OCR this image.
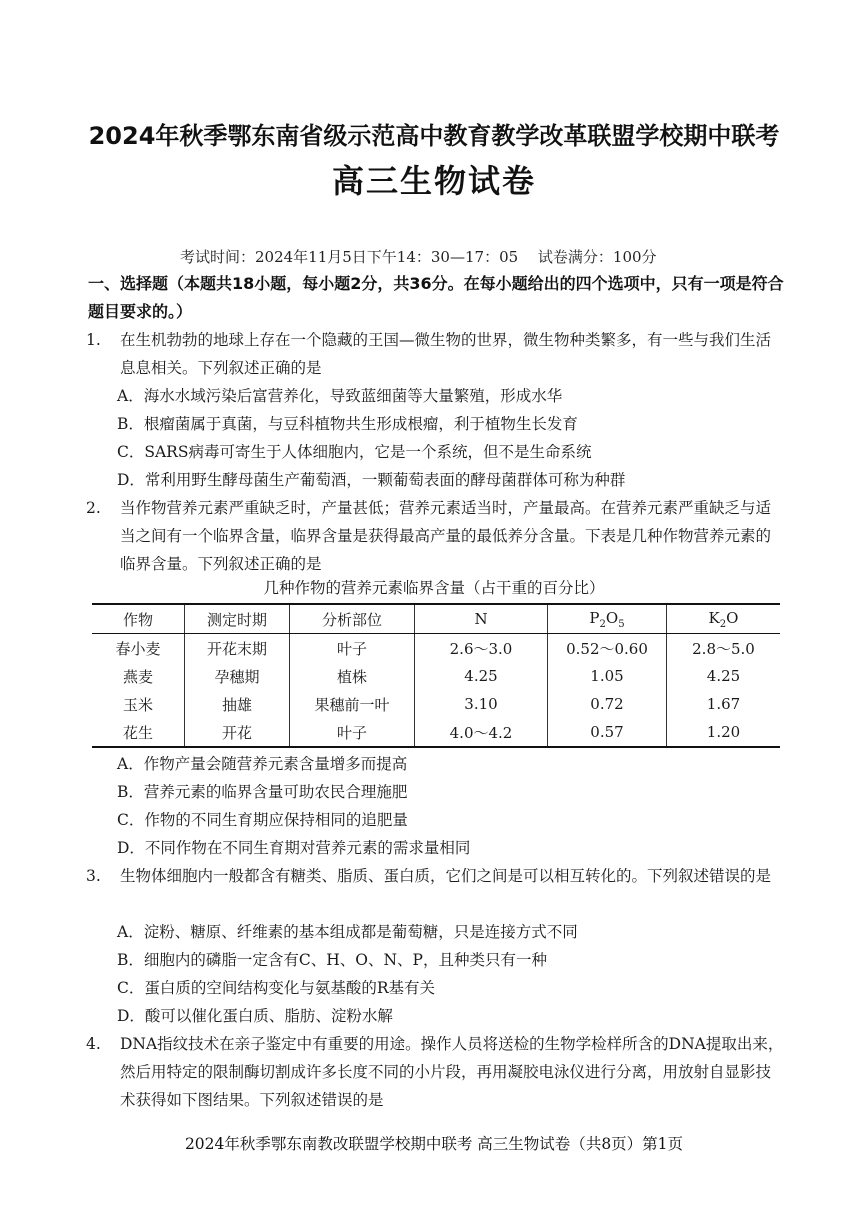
2024年秋季鄂东南省级示范高中教育教学改革联盟学校期中联考
高三生物试卷
考试时间：2024年11月5日下午14：30—17：05　 试卷满分：100分
一、选择题（本题共18小题，每小题2分，共36分。在每小题给出的四个选项中，只有一项是符合题目要求的。）
1. 在生机勃勃的地球上存在一个隐藏的王国—微生物的世界，微生物种类繁多，有一些与我们生活息息相关。下列叙述正确的是
A．海水水域污染后富营养化，导致蓝细菌等大量繁殖，形成水华
B．根瘤菌属于真菌，与豆科植物共生形成根瘤，利于植物生长发育
C．SARS病毒可寄生于人体细胞内，它是一个系统，但不是生命系统
D．常利用野生酵母菌生产葡萄酒，一颗葡萄表面的酵母菌群体可称为种群
2. 当作物营养元素严重缺乏时，产量甚低；营养元素适当时，产量最高。在营养元素严重缺乏与适当之间有一个临界含量，临界含量是获得最高产量的最低养分含量。下表是几种作物营养元素的临界含量。下列叙述正确的是
几种作物的营养元素临界含量（占干重的百分比）
作物	测定时期	分析部位	N	$P_2O_5$	$K_2O$
春小麦	开花末期	叶子	2.6～3.0	0.52～0.60	2.8～5.0
燕麦	孕穗期	植株	4.25	1.05	4.25
玉米	抽雄	果穗前一叶	3.10	0.72	1.67
花生	开花	叶子	4.0～4.2	0.57	1.20
A．作物产量会随营养元素含量增多而提高
B．营养元素的临界含量可助农民合理施肥
C．作物的不同生育期应保持相同的追肥量
D．不同作物在不同生育期对营养元素的需求量相同
3. 生物体细胞内一般都含有糖类、脂质、蛋白质，它们之间是可以相互转化的。下列叙述错误的是
A．淀粉、糖原、纤维素的基本组成都是葡萄糖，只是连接方式不同
B．细胞内的磷脂一定含有C、H、O、N、P，且种类只有一种
C．蛋白质的空间结构变化与氨基酸的R基有关
D．酸可以催化蛋白质、脂肪、淀粉水解
4. DNA指纹技术在亲子鉴定中有重要的用途。操作人员将送检的生物学检样所含的DNA提取出来，然后用特定的限制酶切割成许多长度不同的小片段，再用凝胶电泳仪进行分离，用放射自显影技术获得如下图结果。下列叙述错误的是
2024年秋季鄂东南教改联盟学校期中联考 高三生物试卷（共8页）第1页
